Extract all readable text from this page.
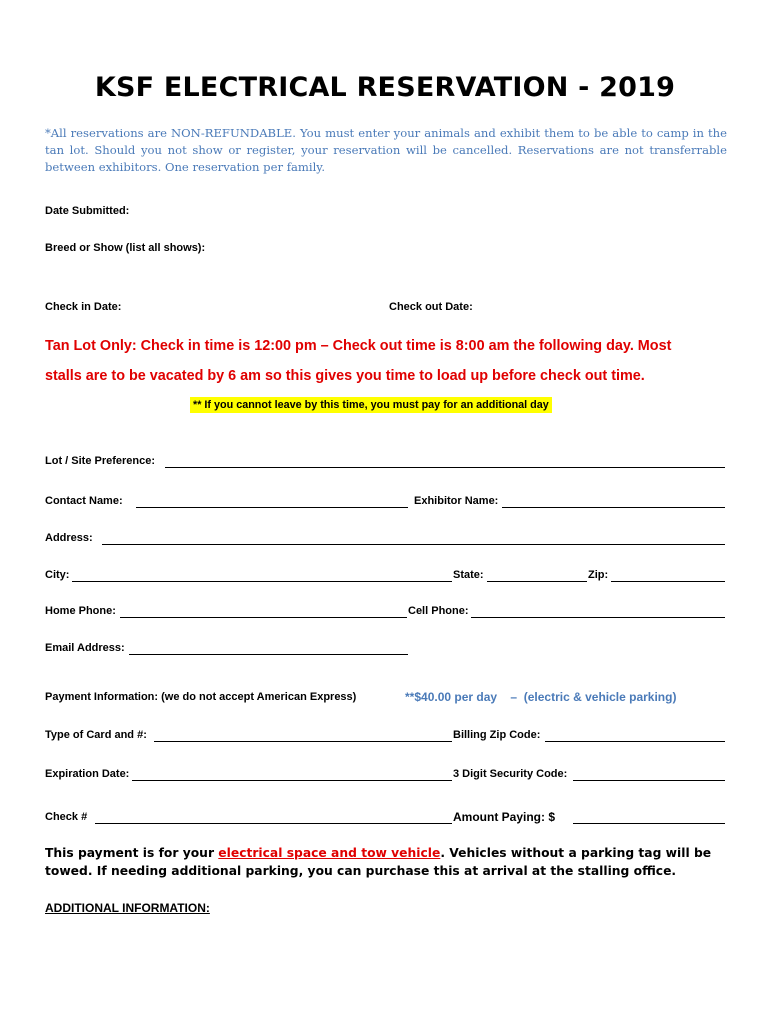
KSF ELECTRICAL RESERVATION - 2019
*All reservations are NON-REFUNDABLE. You must enter your animals and exhibit them to be able to camp in the tan lot. Should you not show or register, your reservation will be cancelled. Reservations are not transferrable between exhibitors. One reservation per family.
Date Submitted:
Breed or Show (list all shows):
Check in Date:	Check out Date:
Tan Lot Only: Check in time is 12:00 pm – Check out time is 8:00 am the following day. Most
stalls are to be vacated by 6 am so this gives you time to load up before check out time.
** If you cannot leave by this time, you must pay for an additional day
Lot / Site Preference:
Contact Name:	Exhibitor Name:
Address:
City:	State:	Zip:
Home Phone:	Cell Phone:
Email Address:
Payment Information: (we do not accept American Express)	**$40.00 per day    –  (electric & vehicle parking)
Type of Card and #:	Billing Zip Code:
Expiration Date:	3 Digit Security Code:
Check #	Amount Paying: $
This payment is for your electrical space and tow vehicle. Vehicles without a parking tag will be towed. If needing additional parking, you can purchase this at arrival at the stalling office.
ADDITIONAL INFORMATION:
